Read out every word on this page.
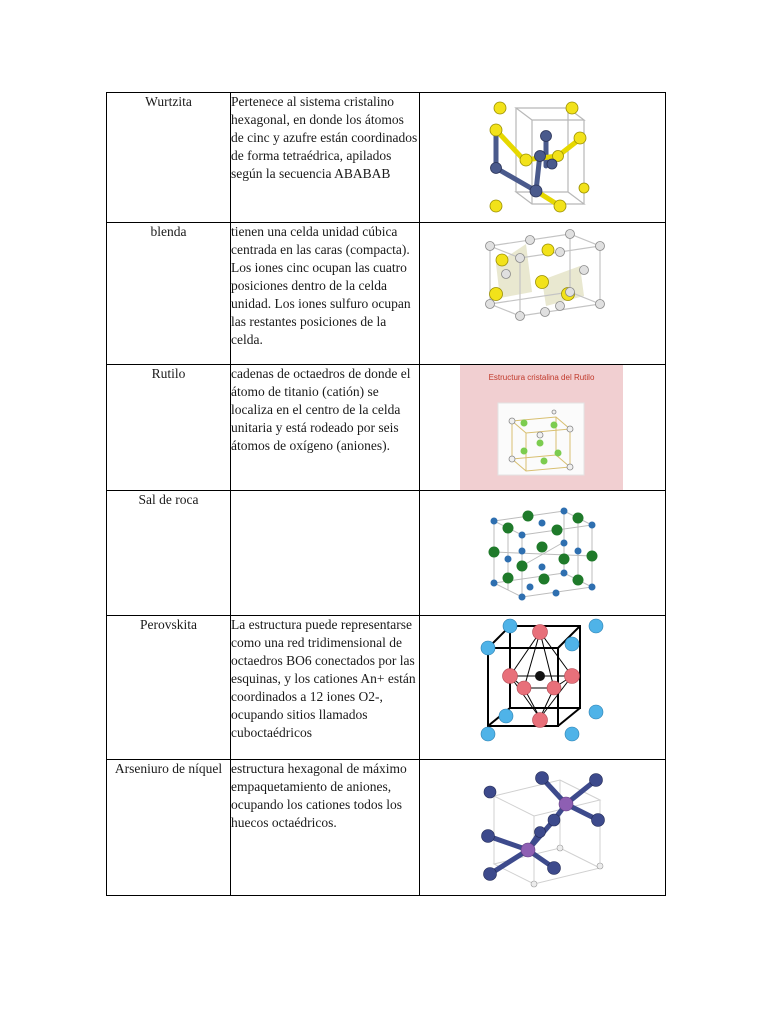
Wurtzita	Pertenece al sistema cristalino hexagonal, en donde los átomos de cinc y azufre están coordinados de forma tetraédrica, apilados según la secuencia ABABAB	

blenda	tienen una celda unidad cúbica centrada en las caras (compacta). Los iones cinc ocupan las cuatro posiciones dentro de la celda unidad. Los iones sulfuro ocupan las restantes posiciones de la celda.	

Rutilo	cadenas de octaedros de donde el átomo de titanio (catión) se localiza en el centro de la celda unitaria y está rodeado por seis átomos de oxígeno (aniones).	Estructura cristalina del Rutilo

Sal de roca		

Perovskita	La estructura puede representarse como una red tridimensional de octaedros BO6 conectados por las esquinas, y los cationes An+ están coordinados a 12 iones O2-, ocupando sitios llamados cuboctaédricos	

Arseniuro de níquel	estructura hexagonal de máximo empaquetamiento de aniones, ocupando los cationes todos los huecos octaédricos.	
